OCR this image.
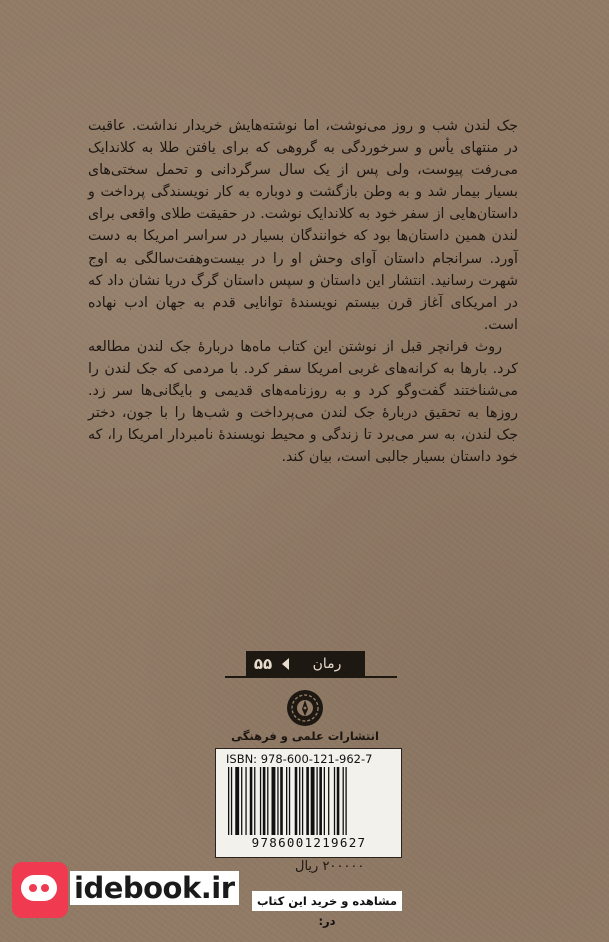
جک لندن شب و روز می‌نوشت، اما نوشته‌هایش خریدار نداشت. عاقبت در منتهای یأس و سرخوردگی به گروهی که برای یافتن طلا به کلاندایک می‌رفت پیوست، ولی پس از یک سال سرگردانی و تحمل سختی‌های بسیار بیمار شد و به وطن بازگشت و دوباره به کار نویسندگی پرداخت و داستان‌هایی از سفر خود به کلاندایک نوشت. در حقیقت طلای واقعی برای لندن همین داستان‌ها بود که خوانندگان بسیار در سراسر امریکا به دست آورد. سرانجام داستان آوای وحش او را در بیست‌وهفت‌سالگی به اوج شهرت رسانید. انتشار این داستان و سپس داستان گرگ دریا نشان داد که در امریکای آغاز قرن بیستم نویسندهٔ توانایی قدم به جهان ادب نهاده است.

روث فرانچر قبل از نوشتن این کتاب ماه‌ها دربارهٔ جک لندن مطالعه کرد. بارها به کرانه‌های غربی امریکا سفر کرد. با مردمی که جک لندن را می‌شناختند گفت‌وگو کرد و به روزنامه‌های قدیمی و بایگانی‌ها سر زد. روزها به تحقیق دربارهٔ جک لندن می‌پرداخت و شب‌ها را با جون، دختر جک لندن، به سر می‌برد تا زندگی و محیط نویسندهٔ نامبردار امریکا را، که خود داستان بسیار جالبی است، بیان کند.

۵۵	رمان
انتشارات علمی و فرهنگی
ISBN: 978-600-121-962-7
9786001219627
۲۰۰۰۰۰ ریال
idebook.ir	مشاهده و خرید این کتاب در:
